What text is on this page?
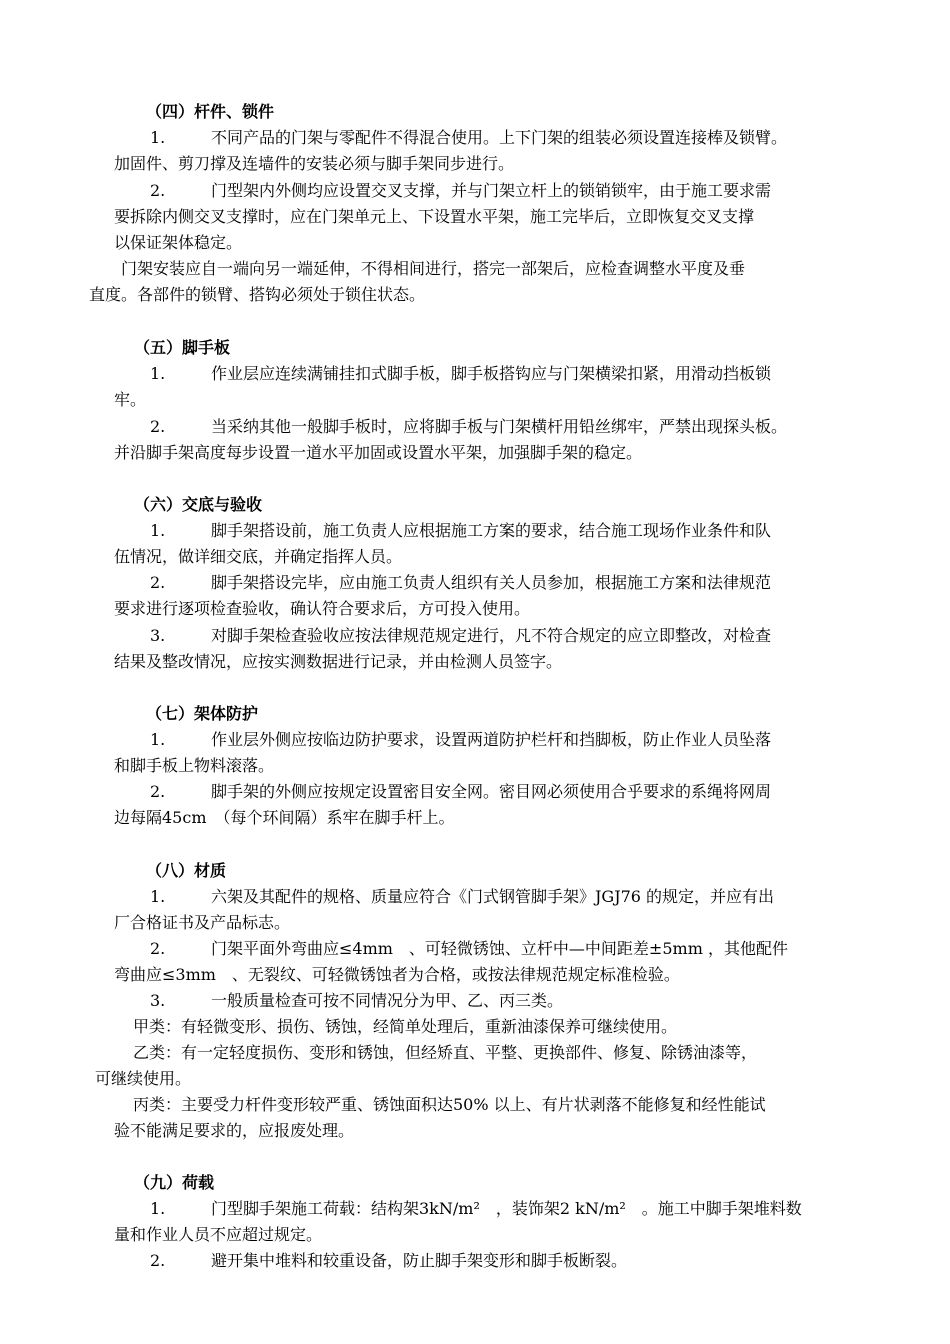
（四）杆件、锁件
1.	不同产品的门架与零配件不得混合使用。上下门架的组装必须设置连接棒及锁臂。
加固件、剪刀撑及连墙件的安装必须与脚手架同步进行。
2.	门型架内外侧均应设置交叉支撑，并与门架立杆上的锁销锁牢，由于施工要求需
要拆除内侧交叉支撑时，应在门架单元上、下设置水平架，施工完毕后，立即恢复交叉支撑
以保证架体稳定。
门架安装应自一端向另一端延伸，不得相间进行，搭完一部架后，应检查调整水平度及垂
直度。各部件的锁臂、搭钩必须处于锁住状态。
（五）脚手板
1.	作业层应连续满铺挂扣式脚手板，脚手板搭钩应与门架横梁扣紧，用滑动挡板锁
牢。
2.	当采纳其他一般脚手板时，应将脚手板与门架横杆用铅丝绑牢，严禁出现探头板。
并沿脚手架高度每步设置一道水平加固或设置水平架，加强脚手架的稳定。
（六）交底与验收
1.	脚手架搭设前，施工负责人应根据施工方案的要求，结合施工现场作业条件和队
伍情况，做详细交底，并确定指挥人员。
2.	脚手架搭设完毕，应由施工负责人组织有关人员参加，根据施工方案和法律规范
要求进行逐项检查验收，确认符合要求后，方可投入使用。
3.	对脚手架检查验收应按法律规范规定进行，凡不符合规定的应立即整改，对检查
结果及整改情况，应按实测数据进行记录，并由检测人员签字。
（七）架体防护
1.	作业层外侧应按临边防护要求，设置两道防护栏杆和挡脚板，防止作业人员坠落
和脚手板上物料滚落。
2.	脚手架的外侧应按规定设置密目安全网。密目网必须使用合乎要求的系绳将网周
边每隔45cm　（每个环间隔）系牢在脚手杆上。
（八）材质
1.	六架及其配件的规格、质量应符合《门式钢管脚手架》JGJ76 的规定，并应有出
厂合格证书及产品标志。
2.	门架平面外弯曲应≤4mm　、可轻微锈蚀、立杆中—中间距差±5mm ，其他配件
弯曲应≤3mm　、无裂纹、可轻微锈蚀者为合格，或按法律规范规定标准检验。
3.	一般质量检查可按不同情况分为甲、乙、丙三类。
甲类：有轻微变形、损伤、锈蚀，经简单处理后，重新油漆保养可继续使用。
乙类：有一定轻度损伤、变形和锈蚀，但经矫直、平整、更换部件、修复、除锈油漆等，
可继续使用。
丙类：主要受力杆件变形较严重、锈蚀面积达50% 以上、有片状剥落不能修复和经性能试
验不能满足要求的，应报废处理。
（九）荷载
1.	门型脚手架施工荷载：结构架3kN/m²　，装饰架2 kN/m²　。施工中脚手架堆料数
量和作业人员不应超过规定。
2.	避开集中堆料和较重设备，防止脚手架变形和脚手板断裂。
